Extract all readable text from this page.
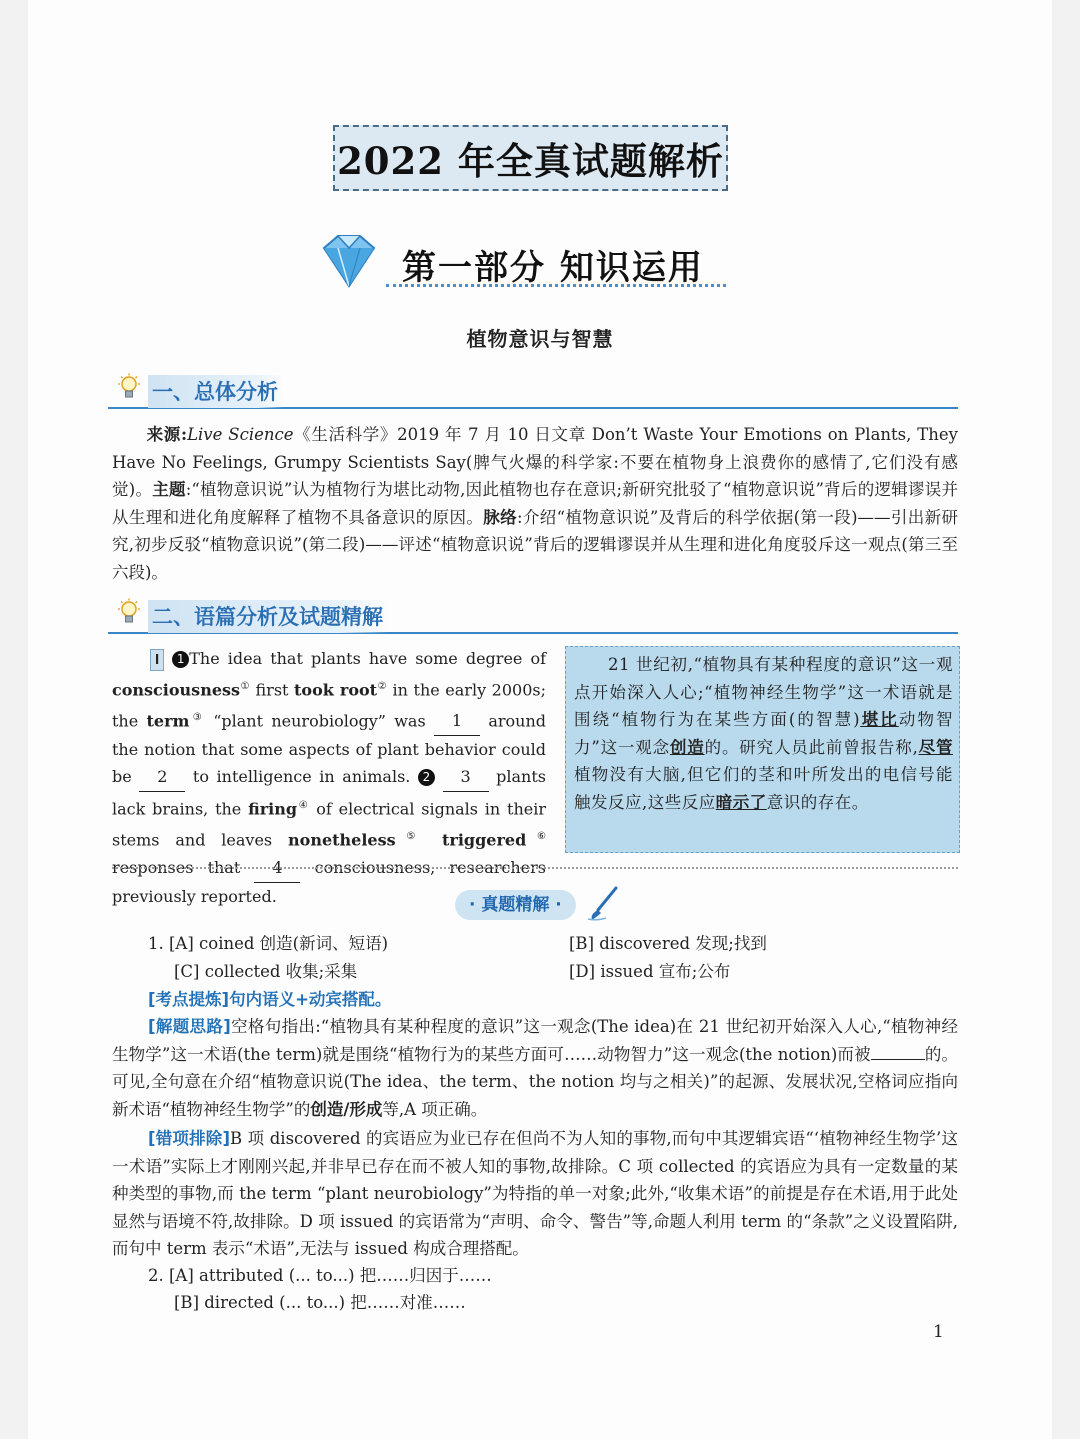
2022 年全真试题解析
第一部分 知识运用
植物意识与智慧
一、总体分析
来源:Live Science《生活科学》2019 年 7 月 10 日文章 Don’t Waste Your Emotions on Plants, They Have No Feelings, Grumpy Scientists Say(脾气火爆的科学家:不要在植物身上浪费你的感情了,它们没有感觉)。主题:“植物意识说”认为植物行为堪比动物,因此植物也存在意识;新研究批驳了“植物意识说”背后的逻辑谬误并从生理和进化角度解释了植物不具备意识的原因。脉络:介绍“植物意识说”及背后的科学依据(第一段)——引出新研究,初步反驳“植物意识说”(第二段)——评述“植物意识说”背后的逻辑谬误并从生理和进化角度驳斥这一观点(第三至六段)。
二、语篇分析及试题精解
I 1 The idea that plants have some degree of consciousness① first took root② in the early 2000s; the term③ “plant neurobiology” was 1 around the notion that some aspects of plant behavior could be 2 to intelligence in animals. 2 3 plants lack brains, the firing④ of electrical signals in their stems and leaves nonetheless⑤ triggered⑥ responses that 4 consciousness, researchers previously reported.
21 世纪初,“植物具有某种程度的意识”这一观点开始深入人心;“植物神经生物学”这一术语就是围绕“植物行为在某些方面(的智慧)堪比动物智力”这一观念创造的。研究人员此前曾报告称,尽管植物没有大脑,但它们的茎和叶所发出的电信号能触发反应,这些反应暗示了意识的存在。
· 真题精解 ·
1. [A] coined 创造(新词、短语)	[B] discovered 发现;找到
[C] collected 收集;采集	[D] issued 宣布;公布
[考点提炼]句内语义+动宾搭配。
[解题思路]空格句指出:“植物具有某种程度的意识”这一观念(The idea)在 21 世纪初开始深入人心,“植物神经生物学”这一术语(the term)就是围绕“植物行为的某些方面可……动物智力”这一观念(the notion)而被	的。可见,全句意在介绍“植物意识说(The idea、the term、the notion 均与之相关)”的起源、发展状况,空格词应指向新术语“植物神经生物学”的创造/形成等,A 项正确。
[错项排除]B 项 discovered 的宾语应为业已存在但尚不为人知的事物,而句中其逻辑宾语“‘植物神经生物学’这一术语”实际上才刚刚兴起,并非早已存在而不被人知的事物,故排除。C 项 collected 的宾语应为具有一定数量的某种类型的事物,而 the term “plant neurobiology”为特指的单一对象;此外,“收集术语”的前提是存在术语,用于此处显然与语境不符,故排除。D 项 issued 的宾语常为“声明、命令、警告”等,命题人利用 term 的“条款”之义设置陷阱,而句中 term 表示“术语”,无法与 issued 构成合理搭配。
2. [A] attributed (... to...) 把……归因于……
[B] directed (... to...) 把……对准……
1
